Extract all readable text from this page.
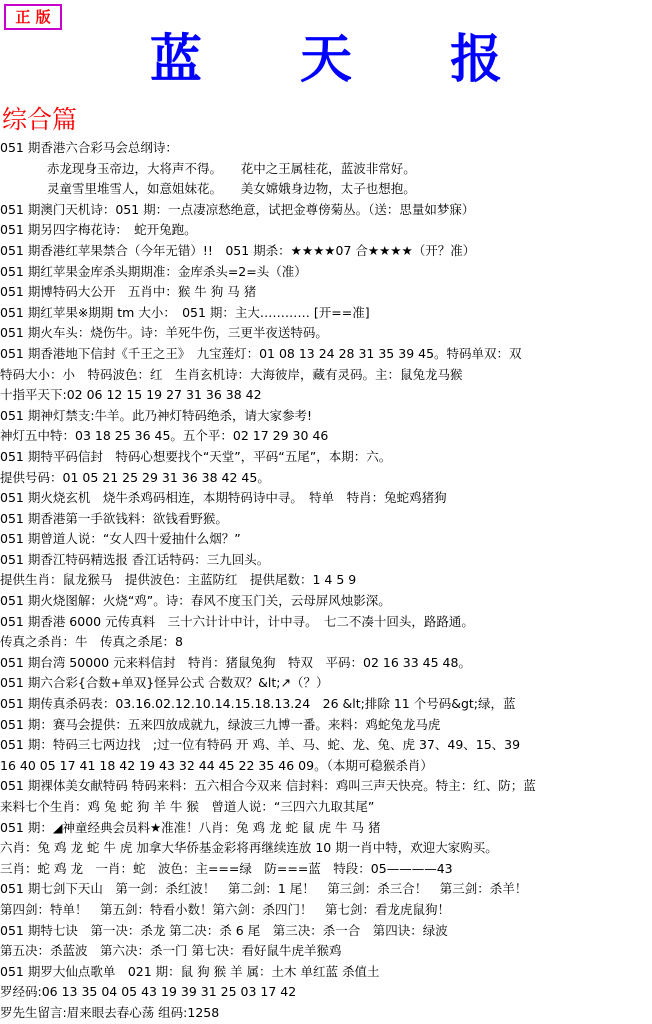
正 版
蓝 天 报
综合篇
051 期香港六合彩马会总纲诗：
赤龙现身玉帝边，大将声不得。　　花中之王属桂花，蓝波非常好。
灵童雪里堆雪人，如意姐妹花。　　美女嫦娥身边物，太子也想抱。
051 期澳门天机诗：051 期：一点凄凉愁绝意，试把金尊傍菊丛。（送：思量如梦寐）
051 期另四字梅花诗：　蛇开兔跑。
051 期香港红苹果禁合（今年无错）!!　051 期杀：★★★★07 合★★★★（开？准）
051 期红苹果金库杀头期期准：金库杀头=2=头（准）
051 期博特码大公开　五肖中：猴 牛 狗 马 猪
051 期红苹果※期期 tm 大小：　051 期：主大………… [开==准]
051 期火车头：烧伤牛。诗：羊死牛伤，三更半夜送特码。
051 期香港地下信封《千王之王》　九宝莲灯：01 08 13 24 28 31 35 39 45。特码单双：双
特码大小：小　特码波色：红　生肖玄机诗：大海彼岸，藏有灵码。主：鼠兔龙马猴
十指平天下:02 06 12 15 19 27 31 36 38 42
051 期神灯禁支:牛羊。此乃神灯特码绝杀，请大家参考!
神灯五中特：03 18 25 36 45。五个平：02 17 29 30 46
051 期特平码信封　特码心想要找个“天堂”，平码“五尾”，本期：六。
提供号码：01 05 21 25 29 31 36 38 42 45。
051 期火烧玄机　烧牛杀鸡码相连，本期特码诗中寻。　特单　特肖：兔蛇鸡猪狗
051 期香港第一手欲钱料：欲钱看野猴。
051 期曾道人说：“女人四十爱抽什么烟？”
051 期香江特码精选报 香江话特码：三九回头。
提供生肖：鼠龙猴马　提供波色：主蓝防红　提供尾数：1 4 5 9
051 期火烧图解：火烧“鸡”。诗：春风不度玉门关，云母屏风烛影深。
051 期香港 6000 元传真料　三十六计计中计，计中寻。　七二不凑十回头，路路通。
传真之杀肖：牛　传真之杀尾：8
051 期台湾 50000 元来料信封　特肖：猪鼠兔狗　特双　平码：02 16 33 45 48。
051 期六合彩{合数+单双}怪异公式 合数双？&lt;↗（？）
051 期传真杀码表：03.16.02.12.10.14.15.18.13.24　26 &lt;排除 11 个号码&gt;绿，蓝
051 期：赛马会提供：五来四放成就九，绿波三九博一番。来料：鸡蛇兔龙马虎
051 期：特码三七两边找　;过一位有特码 开 鸡、羊、马、蛇、龙、兔、虎 37、49、15、39
16 40 05 17 41 18 42 19 43 32 44 45 22 35 46 09。（本期可稳猴杀肖）
051 期裸体美女献特码 特码来料：五六相合今双来 信封料：鸡叫三声天快亮。特主：红、防；蓝
来料七个生肖：鸡 兔 蛇 狗 羊 牛 猴　曾道人说：“三四六九取其尾”
051 期：◢神童经典会员料★准准！八肖：兔 鸡 龙 蛇 鼠 虎 牛 马 猪
六肖：兔 鸡 龙 蛇 牛 虎 加拿大华侨基金彩将再继续连放 10 期一肖中特，欢迎大家购买。
三肖：蛇 鸡 龙　一肖：蛇　波色：主===绿　防===蓝　特段：05————43
051 期七剑下天山　第一剑：杀红波！　第二剑：1 尾！　第三剑：杀三合！　第三剑：杀羊！
第四剑：特单！　第五剑：特看小数！第六剑：杀四门！　第七剑：看龙虎鼠狗！
051 期特七诀　第一决：杀龙 第二决：杀 6 尾　第三决：杀一合　第四诀：绿波
第五决：杀蓝波　第六决：杀一门 第七决：看好鼠牛虎羊猴鸡
051 期罗大仙点歌单　021 期：鼠 狗 猴 羊 属：土木 单红蓝 杀值土
罗经码:06 13 35 04 05 43 19 39 31 25 03 17 42
罗先生留言:眉来眼去春心荡 组码:1258
